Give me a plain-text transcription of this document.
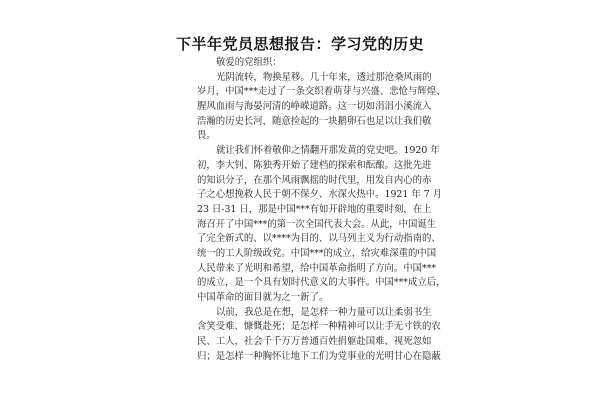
下半年党员思想报告：学习党的历史
敬爱的党组织：
光阴流转，物换星移。几十年来，透过那沧桑风雨的
岁月，中国***走过了一条交织着萌芽与兴盛、悲怆与辉煌、
腥风血雨与海晏河清的峥嵘道路。这一切如涓涓小溪流入
浩瀚的历史长河，随意捡起的一块鹅卵石也足以让我们敬
畏。
就让我们怀着敬仰之情翻开那发黄的党史吧。1920 年
初，李大钊、陈独秀开始了建档的探索和酝酿。这批先进
的知识分子，在那个风雨飘摇的时代里，用发自内心的赤
子之心想挽救人民于朝不保夕、水深火热中。1921 年 7 月
23 日-31 日，那是中国***有如开辟地的重要时刻，在上
海召开了中国***的第一次全国代表大会。从此，中国诞生
了完全新式的、以****为目的、以马列主义为行动指南的、
统一的工人阶级政党。中国***的成立，给灾难深重的中国
人民带来了光明和希望，给中国革命指明了方向。中国***
的成立，是一个具有划时代意义的大事件。中国***成立后，
中国革命的面目就为之一新了。
以前，我总是在想，是怎样一种力量可以让柔弱书生
含笑受难、慷慨赴死；是怎样一种精神可以让手无寸铁的农
民、工人，社会千千万万普通百姓捐躯赴国难、视死忽如
归；是怎样一种胸怀让地下工们为党事业的光明甘心在隐蔽
